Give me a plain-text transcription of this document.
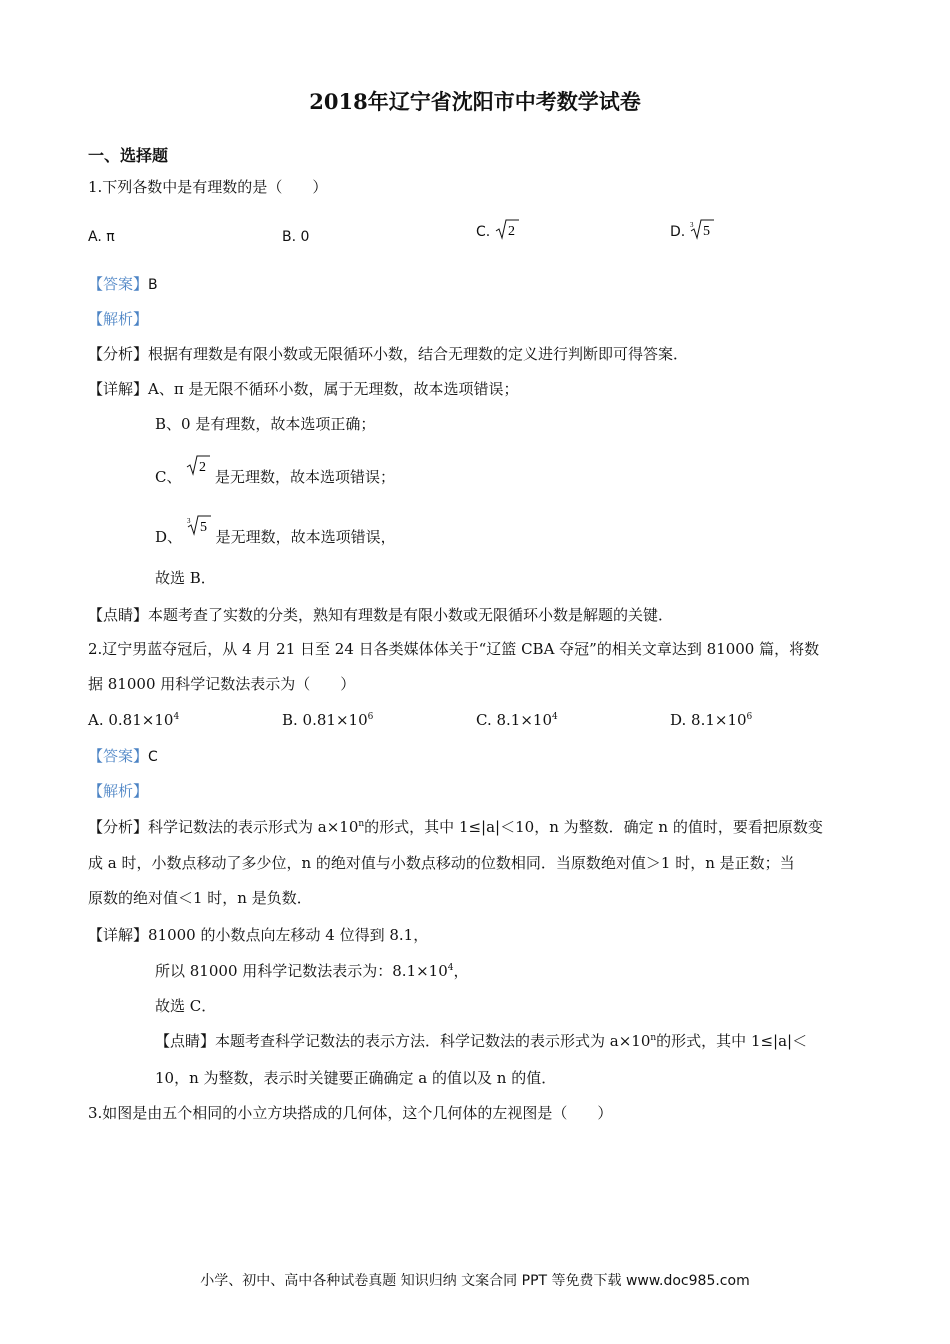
2018年辽宁省沈阳市中考数学试卷
一、选择题
1.下列各数中是有理数的是（　　）
A. π	B. 0	C. 2	D. 3 5
【答案】B
【解析】
【分析】根据有理数是有限小数或无限循环小数，结合无理数的定义进行判断即可得答案．
【详解】A、π 是无限不循环小数，属于无理数，故本选项错误；
B、0 是有理数，故本选项正确；
C、
2
是无理数，故本选项错误；
D、
3 5
是无理数，故本选项错误，
故选 B．
【点睛】本题考查了实数的分类，熟知有理数是有限小数或无限循环小数是解题的关键．
2.辽宁男蓝夺冠后，从 4 月 21 日至 24 日各类媒体体关于“辽篮 CBA 夺冠”的相关文章达到 81000 篇，将数
据 81000 用科学记数法表示为（　　）
A. $0.81\times 10^4$	B. $0.81\times 10^6$	C. $8.1\times 10^4$	D. $8.1\times 10^6$
【答案】C
【解析】
【分析】科学记数法的表示形式为 $a\times 10^n$的形式，其中 1≤|a|＜10，n 为整数．确定 n 的值时，要看把原数变
成 a 时，小数点移动了多少位，n 的绝对值与小数点移动的位数相同．当原数绝对值＞1 时，n 是正数；当
原数的绝对值＜1 时，n 是负数．
【详解】81000 的小数点向左移动 4 位得到 8.1，
所以 81000 用科学记数法表示为：$8.1\times 10^4$，
故选 C．
【点睛】本题考查科学记数法的表示方法．科学记数法的表示形式为 $a\times 10^n$的形式，其中 1≤|a|＜
10，n 为整数，表示时关键要正确确定 a 的值以及 n 的值．
3.如图是由五个相同的小立方块搭成的几何体，这个几何体的左视图是（　　）
小学、初中、高中各种试卷真题 知识归纳 文案合同 PPT 等免费下载 www.doc985.com
